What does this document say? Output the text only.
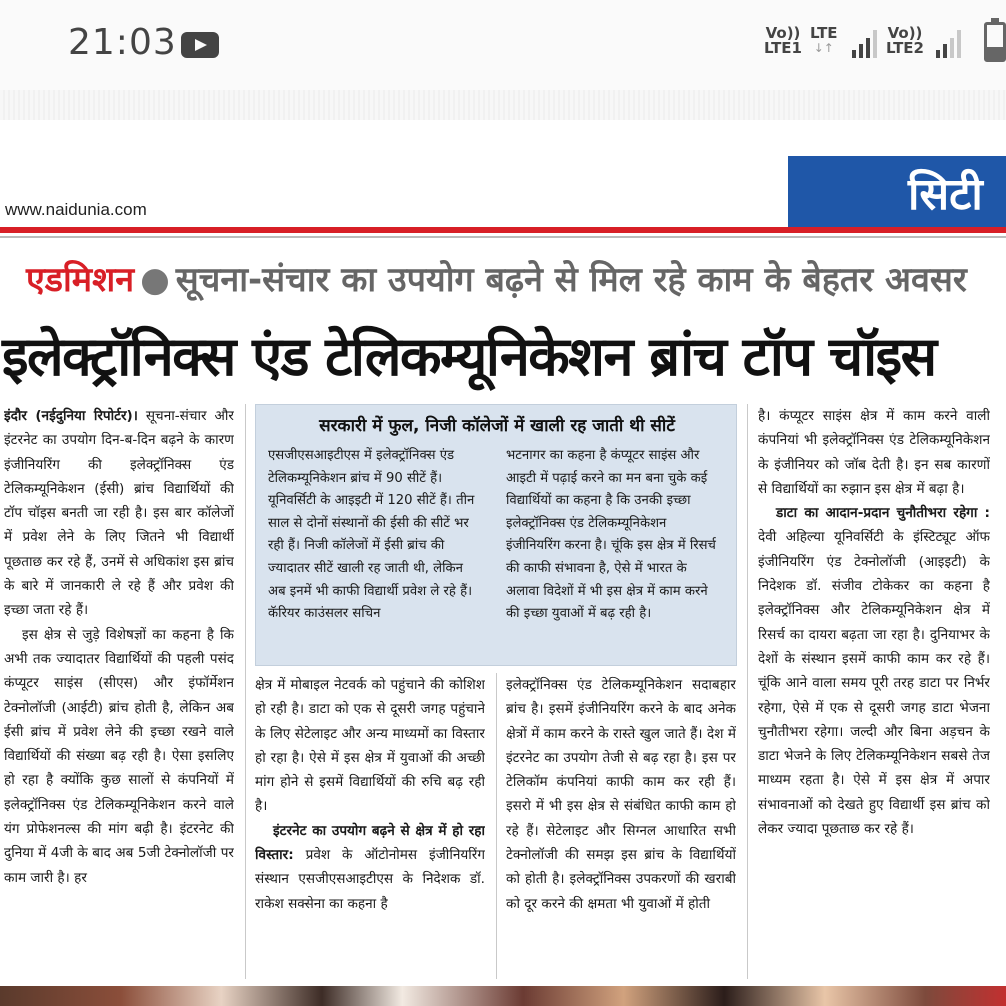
21:03	Vo))
LTE1
LTE
↓↑
Vo))
LTE2
www.naidunia.com	सिटी
एडमिशन ● सूचना-संचार का उपयोग बढ़ने से मिल रहे काम के बेहतर अवसर
इलेक्ट्रॉनिक्स एंड टेलिकम्यूनिकेशन ब्रांच टॉप चॉइस

इंदौर (नईदुनिया रिपोर्टर)। सूचना-संचार और इंटरनेट का उपयोग दिन-ब-दिन बढ़ने के कारण इंजीनियरिंग की इलेक्ट्रॉनिक्स एंड टेलिकम्यूनिकेशन (ईसी) ब्रांच विद्यार्थियों की टॉप चॉइस बनती जा रही है। इस बार कॉलेजों में प्रवेश लेने के लिए जितने भी विद्यार्थी पूछताछ कर रहे हैं, उनमें से अधिकांश इस ब्रांच के बारे में जानकारी ले रहे हैं और प्रवेश की इच्छा जता रहे हैं।

इस क्षेत्र से जुड़े विशेषज्ञों का कहना है कि अभी तक ज्यादातर विद्यार्थियों की पहली पसंद कंप्यूटर साइंस (सीएस) और इंफॉर्मेशन टेक्नोलॉजी (आईटी) ब्रांच होती है, लेकिन अब ईसी ब्रांच में प्रवेश लेने की इच्छा रखने वाले विद्यार्थियों की संख्या बढ़ रही है। ऐसा इसलिए हो रहा है क्योंकि कुछ सालों से कंपनियों में इलेक्ट्रॉनिक्स एंड टेलिकम्यूनिकेशन करने वाले यंग प्रोफेशनल्स की मांग बढ़ी है। इंटरनेट की दुनिया में 4जी के बाद अब 5जी टेक्नोलॉजी पर काम जारी है। हर

सरकारी में फुल, निजी कॉलेजों में खाली रह जाती थी सीटें
एसजीएसआइटीएस में इलेक्ट्रॉनिक्स एंड टेलिकम्यूनिकेशन ब्रांच में 90 सीटें हैं। यूनिवर्सिटी के आइइटी में 120 सीटें हैं। तीन साल से दोनों संस्थानों की ईसी की सीटें भर रही हैं। निजी कॉलेजों में ईसी ब्रांच की ज्यादातर सीटें खाली रह जाती थी, लेकिन अब इनमें भी काफी विद्यार्थी प्रवेश ले रहे हैं। कॅरियर काउंसलर सचिन
भटनागर का कहना है कंप्यूटर साइंस और आइटी में पढ़ाई करने का मन बना चुके कई विद्यार्थियों का कहना है कि उनकी इच्छा इलेक्ट्रॉनिक्स एंड टेलिकम्यूनिकेशन इंजीनियरिंग करना है। चूंकि इस क्षेत्र में रिसर्च की काफी संभावना है, ऐसे में भारत के अलावा विदेशों में भी इस क्षेत्र में काम करने की इच्छा युवाओं में बढ़ रही है।

क्षेत्र में मोबाइल नेटवर्क को पहुंचाने की कोशिश हो रही है। डाटा को एक से दूसरी जगह पहुंचाने के लिए सेटेलाइट और अन्य माध्यमों का विस्तार हो रहा है। ऐसे में इस क्षेत्र में युवाओं की अच्छी मांग होने से इसमें विद्यार्थियों की रुचि बढ़ रही है।

इंटरनेट का उपयोग बढ़ने से क्षेत्र में हो रहा विस्तार: प्रवेश के ऑटोनोमस इंजीनियरिंग संस्थान एसजीएसआइटीएस के निदेशक डॉ. राकेश सक्सेना का कहना है

इलेक्ट्रॉनिक्स एंड टेलिकम्यूनिकेशन सदाबहार ब्रांच है। इसमें इंजीनियरिंग करने के बाद अनेक क्षेत्रों में काम करने के रास्ते खुल जाते हैं। देश में इंटरनेट का उपयोग तेजी से बढ़ रहा है। इस पर टेलिकॉम कंपनियां काफी काम कर रही हैं। इसरो में भी इस क्षेत्र से संबंधित काफी काम हो रहे हैं। सेटेलाइट और सिग्नल आधारित सभी टेक्नोलॉजी की समझ इस ब्रांच के विद्यार्थियों को होती है। इलेक्ट्रॉनिक्स उपकरणों की खराबी को दूर करने की क्षमता भी युवाओं में होती

है। कंप्यूटर साइंस क्षेत्र में काम करने वाली कंपनियां भी इलेक्ट्रॉनिक्स एंड टेलिकम्यूनिकेशन के इंजीनियर को जॉब देती है। इन सब कारणों से विद्यार्थियों का रुझान इस क्षेत्र में बढ़ा है।

डाटा का आदान-प्रदान चुनौतीभरा रहेगा : देवी अहिल्या यूनिवर्सिटी के इंस्टिट्यूट ऑफ इंजीनियरिंग एंड टेक्नोलॉजी (आइइटी) के निदेशक डॉ. संजीव टोकेकर का कहना है इलेक्ट्रॉनिक्स और टेलिकम्यूनिकेशन क्षेत्र में रिसर्च का दायरा बढ़ता जा रहा है। दुनियाभर के देशों के संस्थान इसमें काफी काम कर रहे हैं। चूंकि आने वाला समय पूरी तरह डाटा पर निर्भर रहेगा, ऐसे में एक से दूसरी जगह डाटा भेजना चुनौतीभरा रहेगा। जल्दी और बिना अड़चन के डाटा भेजने के लिए टेलिकम्यूनिकेशन सबसे तेज माध्यम रहता है। ऐसे में इस क्षेत्र में अपार संभावनाओं को देखते हुए विद्यार्थी इस ब्रांच को लेकर ज्यादा पूछताछ कर रहे हैं।
